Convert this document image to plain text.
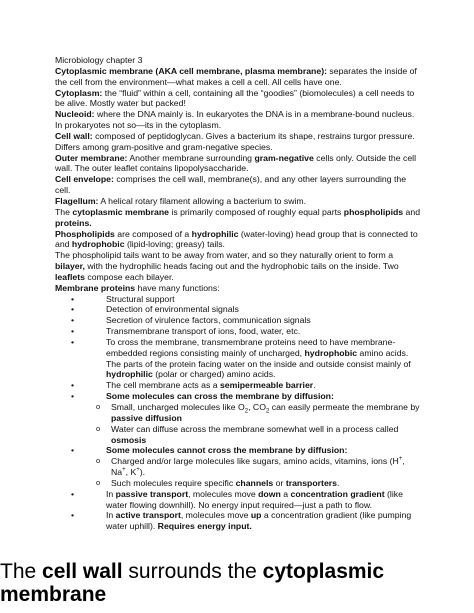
Microbiology chapter 3

Cytoplasmic membrane (AKA cell membrane, plasma membrane): separates the inside of the cell from the environment—what makes a cell a cell. All cells have one.

Cytoplasm: the “fluid” within a cell, containing all the “goodies” (biomolecules) a cell needs to be alive. Mostly water but packed!

Nucleoid: where the DNA mainly is. In eukaryotes the DNA is in a membrane-bound nucleus. In prokaryotes not so—its in the cytoplasm.

Cell wall: composed of peptidoglycan. Gives a bacterium its shape, restrains turgor pressure. Differs among gram-positive and gram-negative species.

Outer membrane: Another membrane surrounding gram-negative cells only. Outside the cell wall. The outer leaflet contains lipopolysaccharide.

Cell envelope: comprises the cell wall, membrane(s), and any other layers surrounding the cell.

Flagellum: A helical rotary filament allowing a bacterium to swim.

The cytoplasmic membrane is primarily composed of roughly equal parts phospholipids and proteins.

Phospholipids are composed of a hydrophilic (water-loving) head group that is connected to and hydrophobic (lipid-loving; greasy) tails.

The phospholipid tails want to be away from water, and so they naturally orient to form a bilayer, with the hydrophilic heads facing out and the hydrophobic tails on the inside. Two leaflets compose each bilayer.

Membrane proteins have many functions:

• Structural support
• Detection of environmental signals
• Secretion of virulence factors, communication signals
• Transmembrane transport of ions, food, water, etc.
• To cross the membrane, transmembrane proteins need to have membrane-embedded regions consisting mainly of uncharged, hydrophobic amino acids. The parts of the protein facing water on the inside and outside consist mainly of hydrophilic (polar or charged) amino acids.
• The cell membrane acts as a semipermeable barrier.
• Some molecules can cross the membrane by diffusion:
o Small, uncharged molecules like $O_2$, $CO_2$ can easily permeate the membrane by passive diffusion
o Water can diffuse across the membrane somewhat well in a process called osmosis
• Some molecules cannot cross the membrane by diffusion:
o Charged and/or large molecules like sugars, amino acids, vitamins, ions (H+, Na+, K+).
o Such molecules require specific channels or transporters.
• In passive transport, molecules move down a concentration gradient (like water flowing downhill). No energy input required—just a path to flow.
• In active transport, molecules move up a concentration gradient (like pumping water uphill). Requires energy input.

The cell wall surrounds the cytoplasmic membrane
